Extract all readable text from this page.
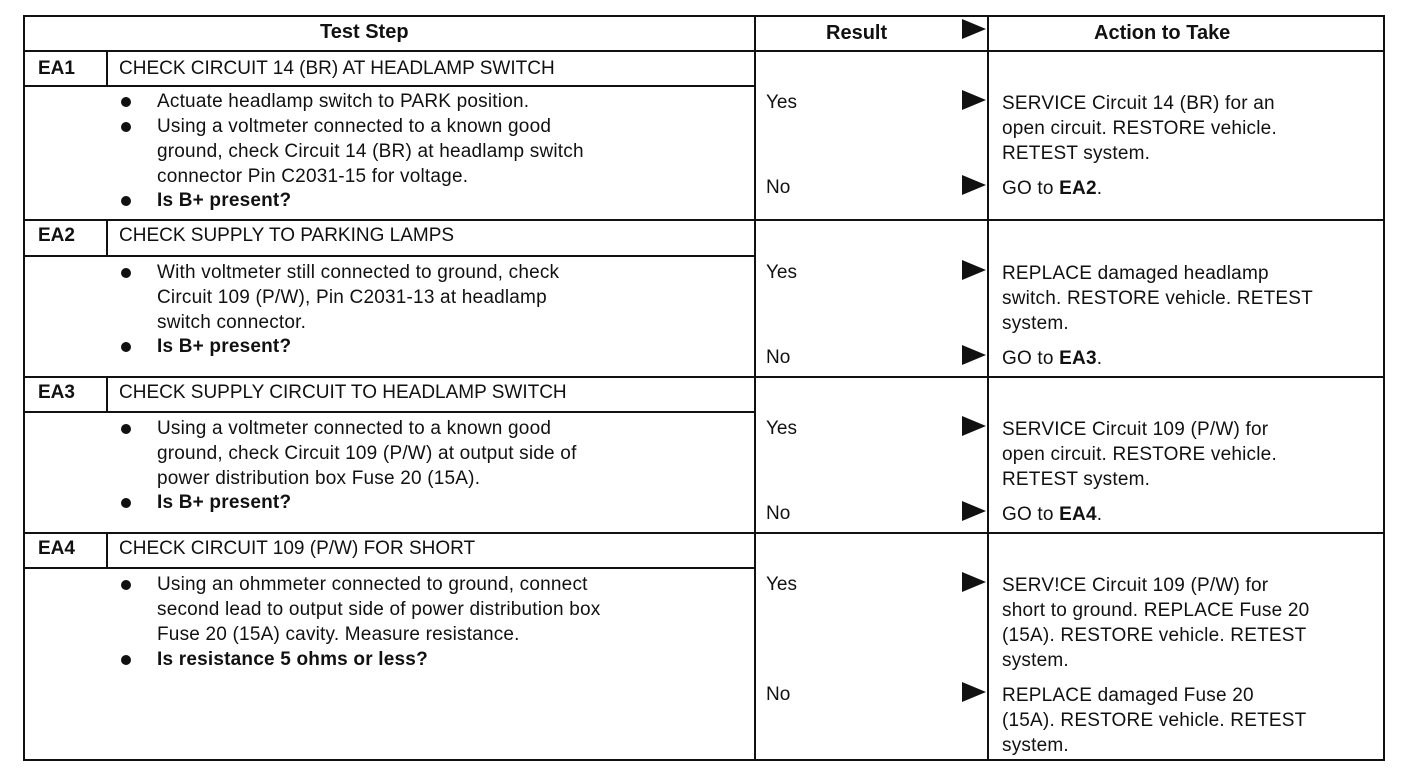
Test Step	Result	Action to Take
EA1 CHECK CIRCUIT 14 (BR) AT HEADLAMP SWITCH
Actuate headlamp switch to PARK position.
Using a voltmeter connected to a known good
ground, check Circuit 14 (BR) at headlamp switch
connector Pin C2031-15 for voltage.
Is B+ present?
Yes	SERVICE Circuit 14 (BR) for an
open circuit. RESTORE vehicle.
RETEST system.
No	GO to EA2.
EA2 CHECK SUPPLY TO PARKING LAMPS
With voltmeter still connected to ground, check
Circuit 109 (P/W), Pin C2031-13 at headlamp
switch connector.
Is B+ present?
Yes	REPLACE damaged headlamp
switch. RESTORE vehicle. RETEST
system.
No	GO to EA3.
EA3 CHECK SUPPLY CIRCUIT TO HEADLAMP SWITCH
Using a voltmeter connected to a known good
ground, check Circuit 109 (P/W) at output side of
power distribution box Fuse 20 (15A).
Is B+ present?
Yes	SERVICE Circuit 109 (P/W) for
open circuit. RESTORE vehicle.
RETEST system.
No	GO to EA4.
EA4 CHECK CIRCUIT 109 (P/W) FOR SHORT
Using an ohmmeter connected to ground, connect
second lead to output side of power distribution box
Fuse 20 (15A) cavity. Measure resistance.
Is resistance 5 ohms or less?
Yes	SERV!CE Circuit 109 (P/W) for
short to ground. REPLACE Fuse 20
(15A). RESTORE vehicle. RETEST
system.
No	REPLACE damaged Fuse 20
(15A). RESTORE vehicle. RETEST
system.
